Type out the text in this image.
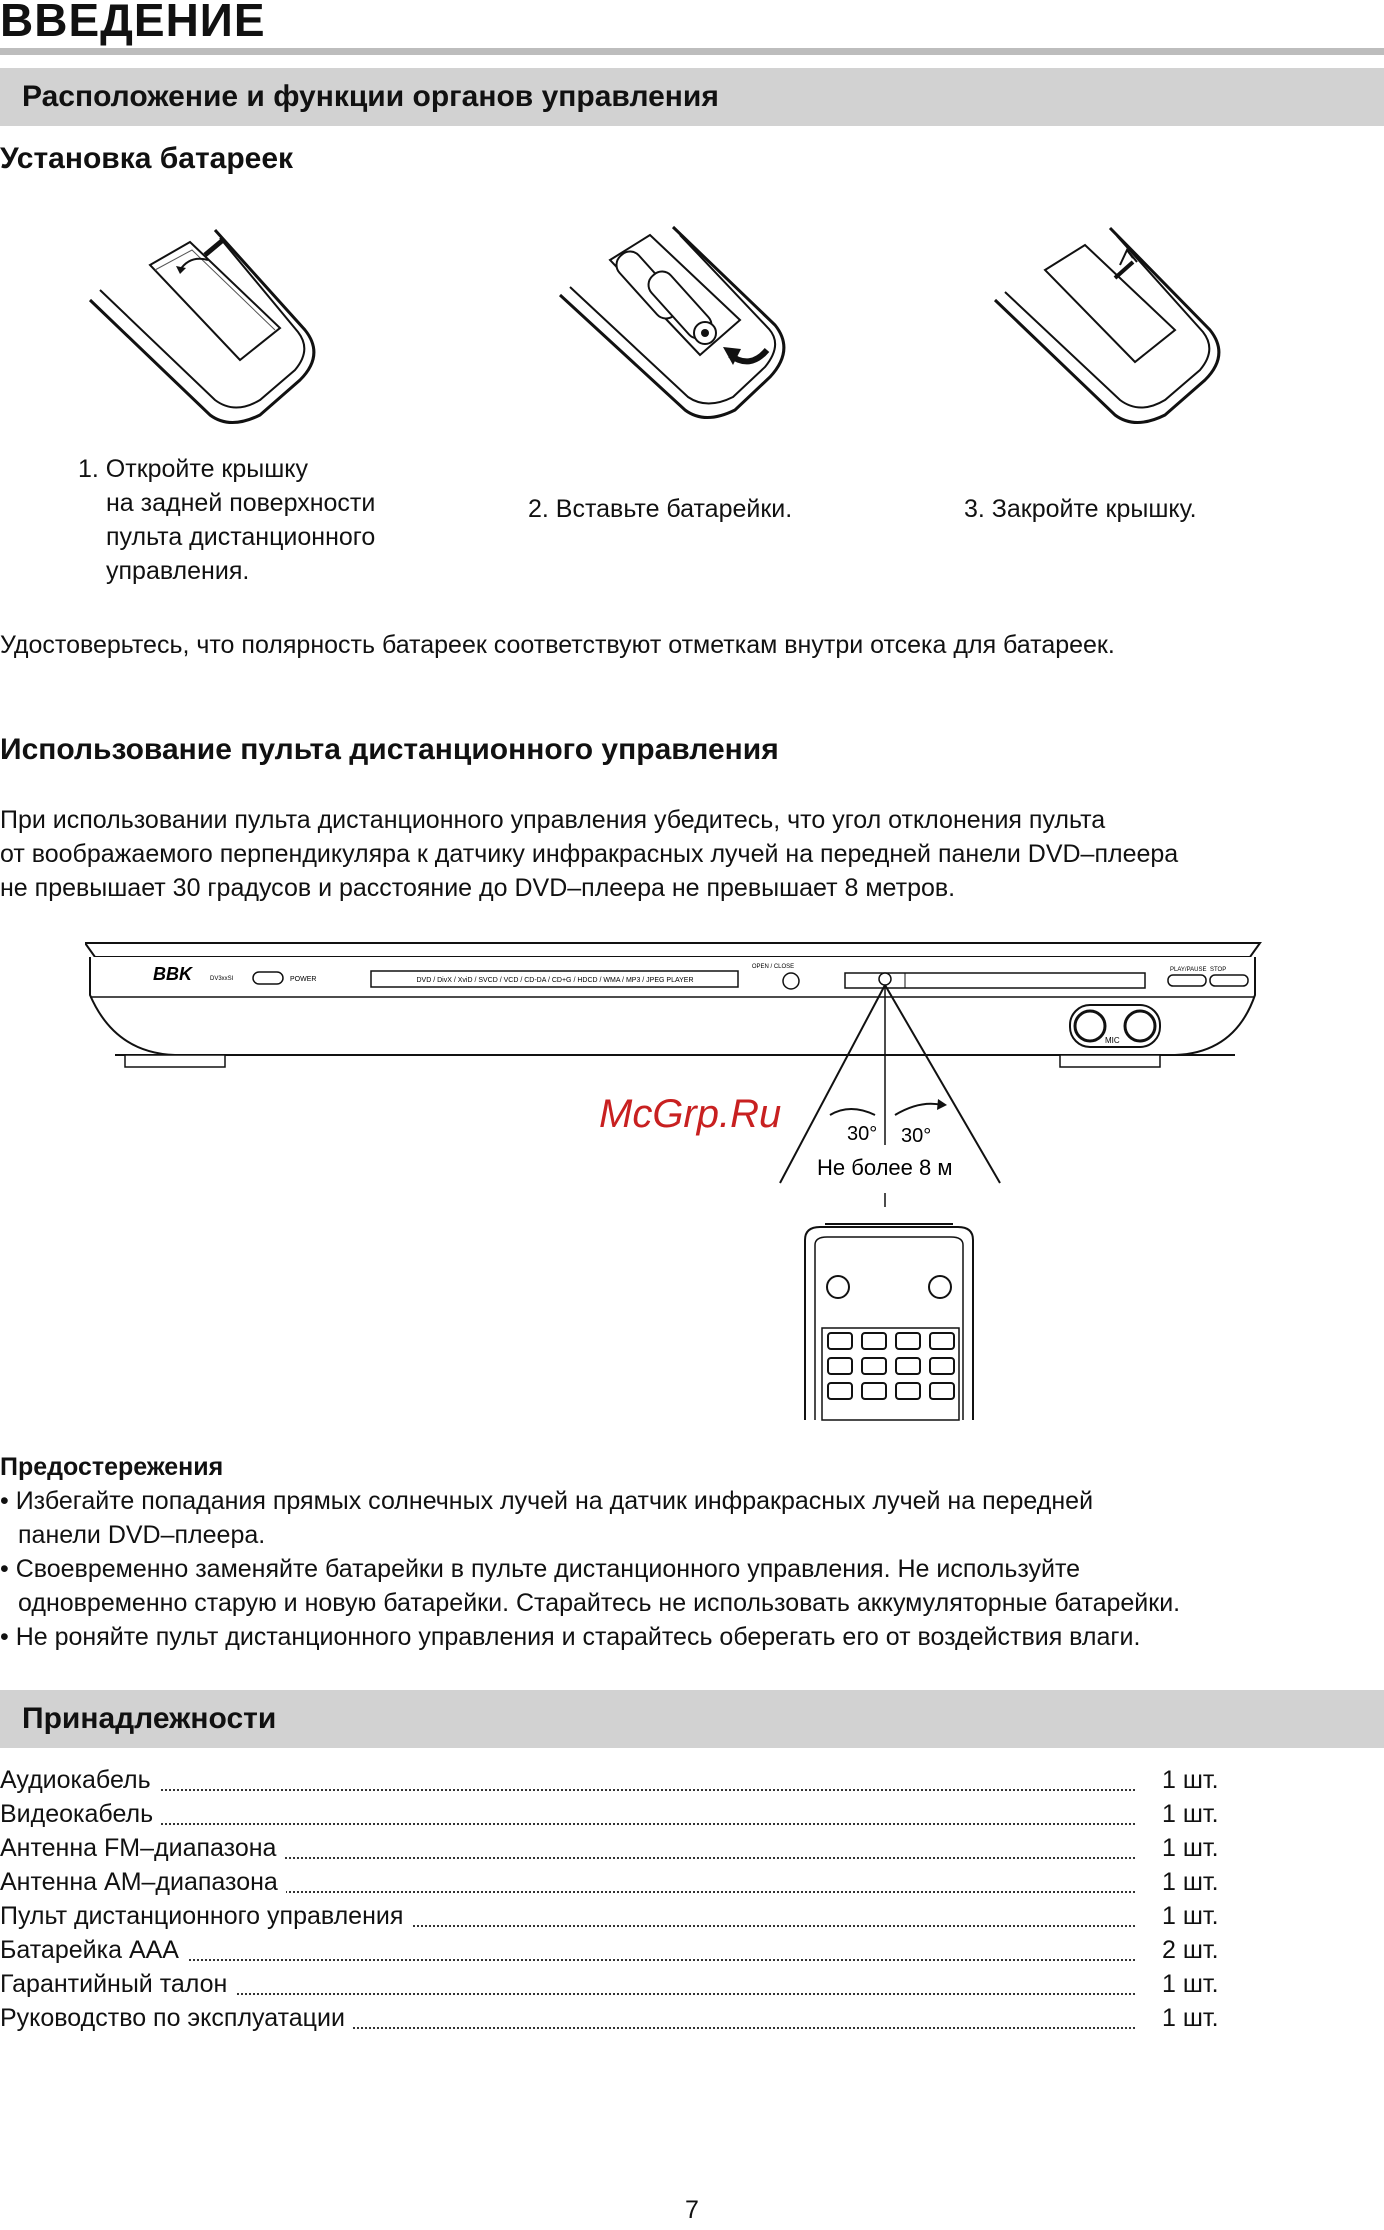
ВВЕДЕНИЕ
Расположение и функции органов управления
Установка батареек
1. Откройте крышку
на задней поверхности
пульта дистанционного
управления.
2. Вставьте батарейки.	3. Закройте крышку.
Удостоверьтесь, что полярность батареек соответствуют отметкам внутри отсека для батареек.
Использование пульта дистанционного управления
При использовании пульта дистанционного управления убедитесь, что угол отклонения пульта
от воображаемого перпендикуляра к датчику инфракрасных лучей на передней панели DVD–плеера
не превышает 30 градусов и расстояние до DVD–плеера не превышает 8 метров.
BBK	DV3xxSI	POWER	DVD / DivX / XviD / SVCD / VCD / CD-DA / CD+G / HDCD / WMA / MP3 / JPEG PLAYER
OPEN / CLOSE	PLAY/PAUSE STOP
MIC
30° 30°
Не более 8 м
McGrp.Ru
Предостережения
• Избегайте попадания прямых солнечных лучей на датчик инфракрасных лучей на передней
панели DVD–плеера.
• Своевременно заменяйте батарейки в пульте дистанционного управления. Не используйте
одновременно старую и новую батарейки. Старайтесь не использовать аккумуляторные батарейки.
• Не роняйте пульт дистанционного управления и старайтесь оберегать его от воздействия влаги.
Принадлежности
Аудиокабель	1 шт.
Видеокабель	1 шт.
Антенна FM–диапазона	1 шт.
Антенна AM–диапазона	1 шт.
Пульт дистанционного управления	1 шт.
Батарейка AAA	2 шт.
Гарантийный талон	1 шт.
Руководство по эксплуатации	1 шт.
7
